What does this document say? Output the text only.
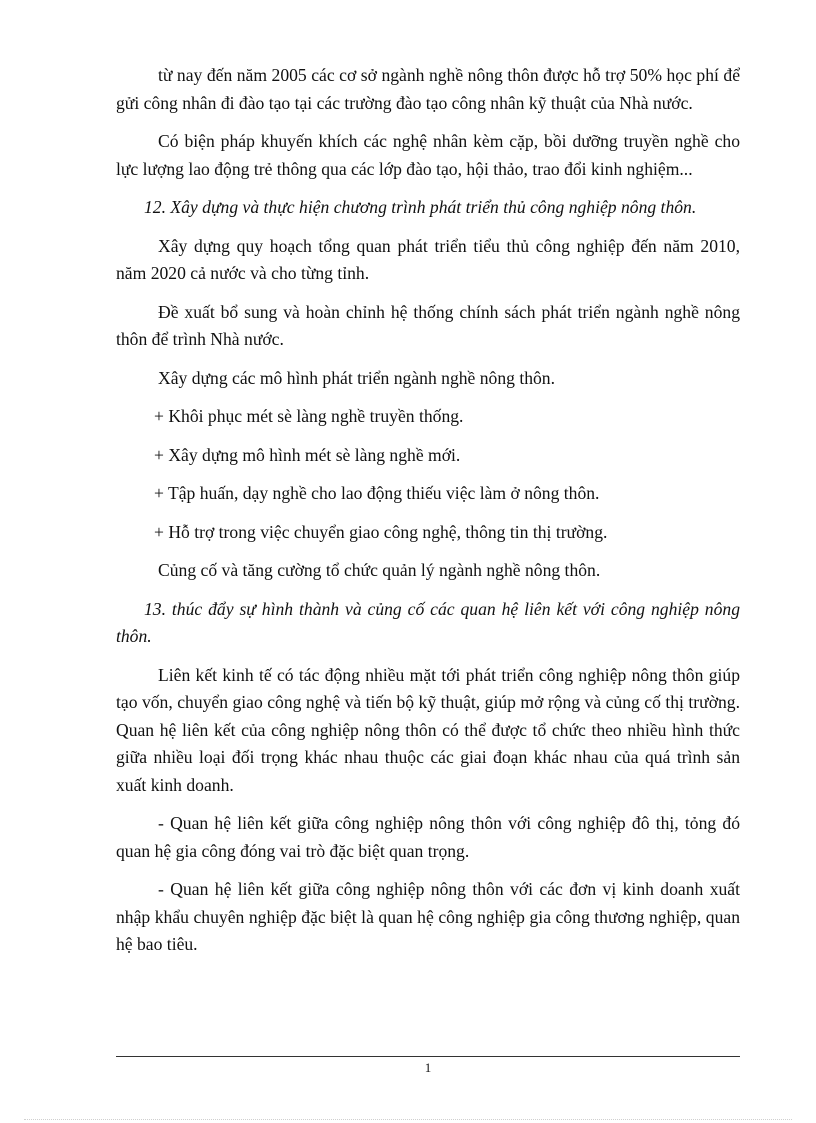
từ nay đến năm 2005 các cơ sở ngành nghề nông thôn được hỗ trợ 50% học phí để gửi công nhân đi đào tạo tại các trường đào tạo công nhân kỹ thuật của Nhà nước.

Có biện pháp khuyến khích các nghệ nhân kèm cặp, bồi dưỡng truyền nghề cho lực lượng lao động trẻ thông qua các lớp đào tạo, hội thảo, trao đổi kinh nghiệm...

12. Xây dựng và thực hiện chương trình phát triển thủ công nghiệp nông thôn.

Xây dựng quy hoạch tổng quan phát triển tiểu thủ công nghiệp đến năm 2010, năm 2020 cả nước và cho từng tỉnh.

Đề xuất bổ sung và hoàn chỉnh hệ thống chính sách phát triển ngành nghề nông thôn để trình Nhà nước.

Xây dựng các mô hình phát triển ngành nghề nông thôn.

+ Khôi phục mét sè làng nghề truyền thống.

+ Xây dựng mô hình mét sè làng nghề mới.

+ Tập huấn, dạy nghề cho lao động thiếu việc làm ở nông thôn.

+ Hỗ trợ trong việc chuyển giao công nghệ, thông tin thị trường.

Củng cố và tăng cường tổ chức quản lý ngành nghề nông thôn.

13. thúc đẩy sự hình thành và củng cố các quan hệ liên kết với công nghiệp nông thôn.

Liên kết kinh tế có tác động nhiều mặt tới phát triển công nghiệp nông thôn giúp tạo vốn, chuyển giao công nghệ và tiến bộ kỹ thuật, giúp mở rộng và củng cố thị trường. Quan hệ liên kết của công nghiệp nông thôn có thể được tổ chức theo nhiều hình thức giữa nhiều loại đối trọng khác nhau thuộc các giai đoạn khác nhau của quá trình sản xuất kinh doanh.

- Quan hệ liên kết giữa công nghiệp nông thôn với công nghiệp đô thị, tỏng đó quan hệ gia công đóng vai trò đặc biệt quan trọng.

- Quan hệ liên kết giữa công nghiệp nông thôn với các đơn vị kinh doanh xuất nhập khẩu chuyên nghiệp đặc biệt là quan hệ công nghiệp gia công thương nghiệp, quan hệ bao tiêu.

1
